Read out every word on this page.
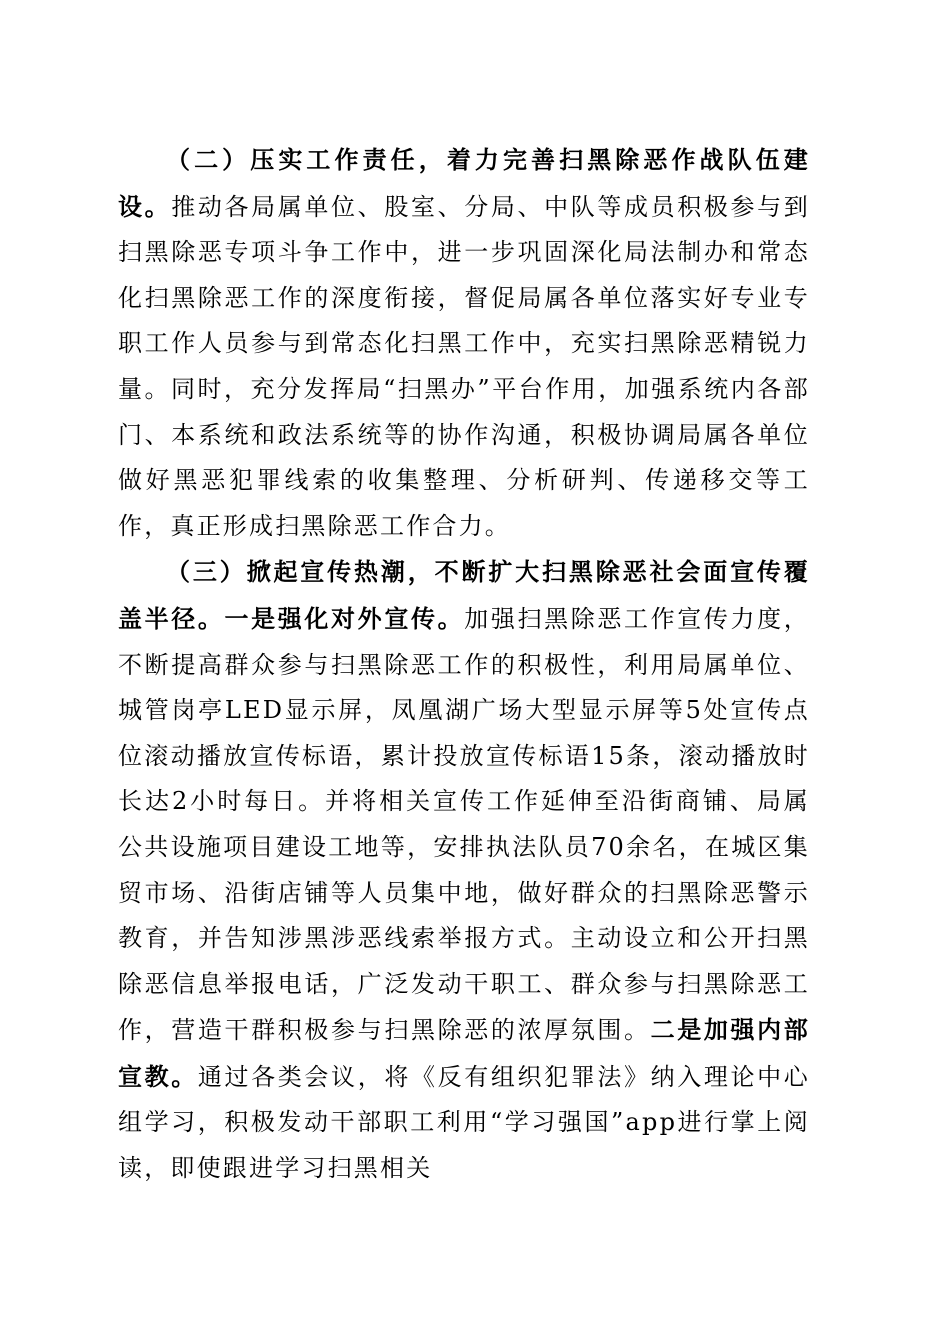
（二）压实工作责任，着力完善扫黑除恶作战队伍建设。推动各局属单位、股室、分局、中队等成员积极参与到扫黑除恶专项斗争工作中，进一步巩固深化局法制办和常态化扫黑除恶工作的深度衔接，督促局属各单位落实好专业专职工作人员参与到常态化扫黑工作中，充实扫黑除恶精锐力量。同时，充分发挥局“扫黑办”平台作用，加强系统内各部门、本系统和政法系统等的协作沟通，积极协调局属各单位做好黑恶犯罪线索的收集整理、分析研判、传递移交等工作，真正形成扫黑除恶工作合力。

（三）掀起宣传热潮，不断扩大扫黑除恶社会面宣传覆盖半径。一是强化对外宣传。加强扫黑除恶工作宣传力度，不断提高群众参与扫黑除恶工作的积极性，利用局属单位、城管岗亭LED显示屏，凤凰湖广场大型显示屏等5处宣传点位滚动播放宣传标语，累计投放宣传标语15条，滚动播放时长达2小时每日。并将相关宣传工作延伸至沿街商铺、局属公共设施项目建设工地等，安排执法队员70余名，在城区集贸市场、沿街店铺等人员集中地，做好群众的扫黑除恶警示教育，并告知涉黑涉恶线索举报方式。主动设立和公开扫黑除恶信息举报电话，广泛发动干职工、群众参与扫黑除恶工作，营造干群积极参与扫黑除恶的浓厚氛围。二是加强内部宣教。通过各类会议，将《反有组织犯罪法》纳入理论中心组学习，积极发动干部职工利用“学习强国”app进行掌上阅读，即使跟进学习扫黑相关
